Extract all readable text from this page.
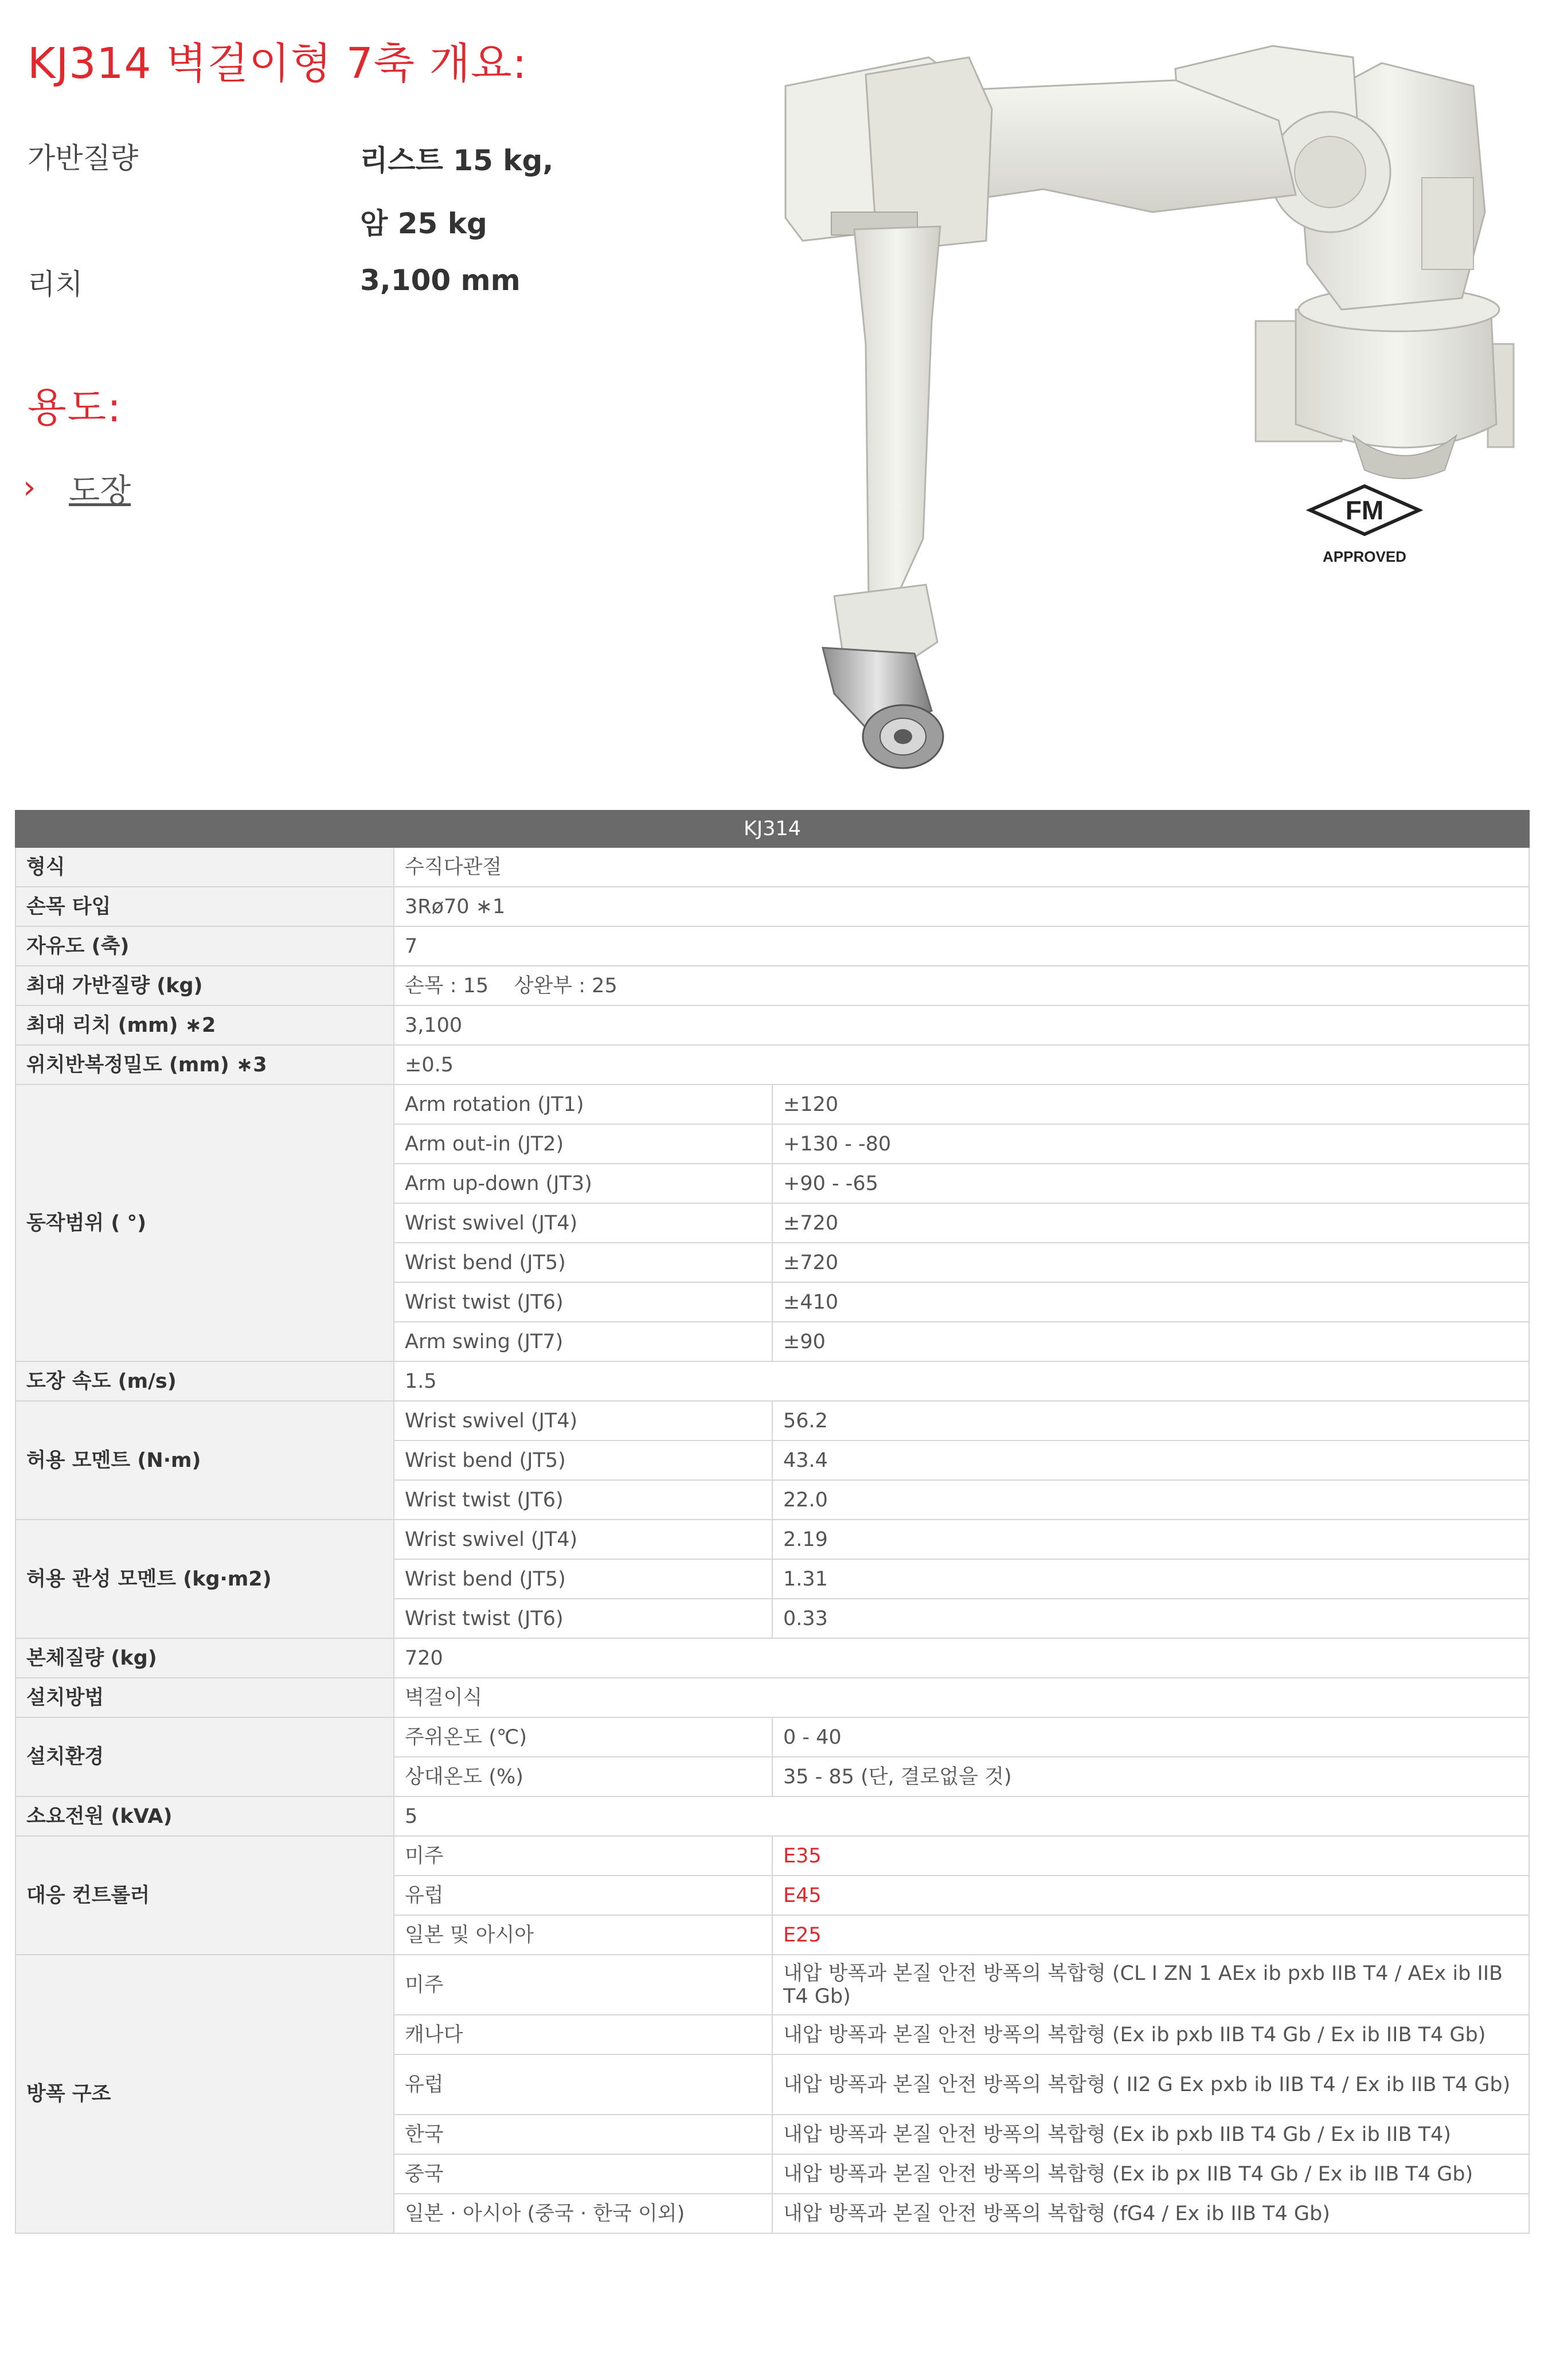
KJ314 벽걸이형 7축 개요:
가반질량	리스트 15 kg,
암 25 kg
리치	3,100 mm
용도:
› 도장
FM
APPROVED
KJ314		
형식	수직다관절	
손목 타입	3Rø70 ∗1	
자유도 (축)	7	
최대 가반질량 (kg)	손목 : 15    상완부 : 25	
최대 리치 (mm) ∗2	3,100	
위치반복정밀도 (mm) ∗3	±0.5	
동작범위 ( °)	Arm rotation (JT1)	±120
	Arm out-in (JT2)	+130 - -80
	Arm up-down (JT3)	+90 - -65
	Wrist swivel (JT4)	±720
	Wrist bend (JT5)	±720
	Wrist twist (JT6)	±410
	Arm swing (JT7)	±90
도장 속도 (m/s)	1.5	
허용 모멘트 (N·m)	Wrist swivel (JT4)	56.2
	Wrist bend (JT5)	43.4
	Wrist twist (JT6)	22.0
허용 관성 모멘트 (kg·m2)	Wrist swivel (JT4)	2.19
	Wrist bend (JT5)	1.31
	Wrist twist (JT6)	0.33
본체질량 (kg)	720	
설치방법	벽걸이식	
설치환경	주위온도 (℃)	0 - 40
	상대온도 (%)	35 - 85 (단, 결로없을 것)
소요전원 (kVA)	5	
대응 컨트롤러	미주	E35
	유럽	E45
	일본 및 아시아	E25
방폭 구조	미주	내압 방폭과 본질 안전 방폭의 복합형 (CL I ZN 1 AEx ib pxb IIB T4 / AEx ib IIB T4 Gb)
	캐나다	내압 방폭과 본질 안전 방폭의 복합형 (Ex ib pxb IIB T4 Gb / Ex ib IIB T4 Gb)
	유럽	내압 방폭과 본질 안전 방폭의 복합형 ( II2 G Ex pxb ib IIB T4 / Ex ib IIB T4 Gb)
	한국	내압 방폭과 본질 안전 방폭의 복합형 (Ex ib pxb IIB T4 Gb / Ex ib IIB T4)
	중국	내압 방폭과 본질 안전 방폭의 복합형 (Ex ib px IIB T4 Gb / Ex ib IIB T4 Gb)
	일본 · 아시아 (중국 · 한국 이외)	내압 방폭과 본질 안전 방폭의 복합형 (fG4 / Ex ib IIB T4 Gb)
